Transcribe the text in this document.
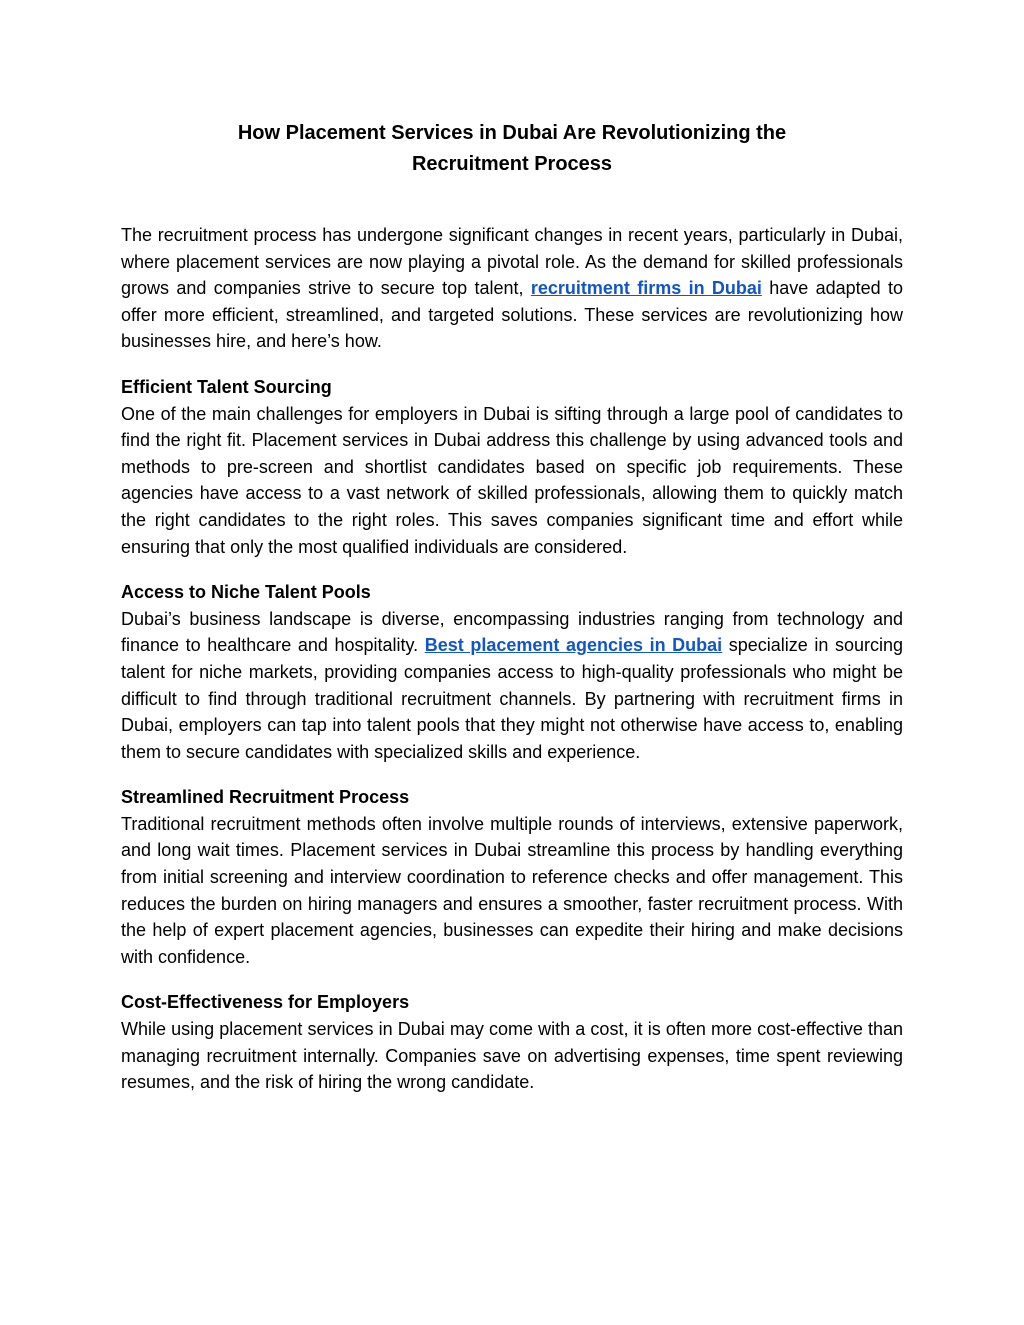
How Placement Services in Dubai Are Revolutionizing the
Recruitment Process

The recruitment process has undergone significant changes in recent years, particularly in Dubai, where placement services are now playing a pivotal role. As the demand for skilled professionals grows and companies strive to secure top talent, recruitment firms in Dubai have adapted to offer more efficient, streamlined, and targeted solutions. These services are revolutionizing how businesses hire, and here’s how.

Efficient Talent Sourcing

One of the main challenges for employers in Dubai is sifting through a large pool of candidates to find the right fit. Placement services in Dubai address this challenge by using advanced tools and methods to pre-screen and shortlist candidates based on specific job requirements. These agencies have access to a vast network of skilled professionals, allowing them to quickly match the right candidates to the right roles. This saves companies significant time and effort while ensuring that only the most qualified individuals are considered.

Access to Niche Talent Pools

Dubai’s business landscape is diverse, encompassing industries ranging from technology and finance to healthcare and hospitality. Best placement agencies in Dubai specialize in sourcing talent for niche markets, providing companies access to high-quality professionals who might be difficult to find through traditional recruitment channels. By partnering with recruitment firms in Dubai, employers can tap into talent pools that they might not otherwise have access to, enabling them to secure candidates with specialized skills and experience.

Streamlined Recruitment Process

Traditional recruitment methods often involve multiple rounds of interviews, extensive paperwork, and long wait times. Placement services in Dubai streamline this process by handling everything from initial screening and interview coordination to reference checks and offer management. This reduces the burden on hiring managers and ensures a smoother, faster recruitment process. With the help of expert placement agencies, businesses can expedite their hiring and make decisions with confidence.

Cost-Effectiveness for Employers

While using placement services in Dubai may come with a cost, it is often more cost-effective than managing recruitment internally. Companies save on advertising expenses, time spent reviewing resumes, and the risk of hiring the wrong candidate.
